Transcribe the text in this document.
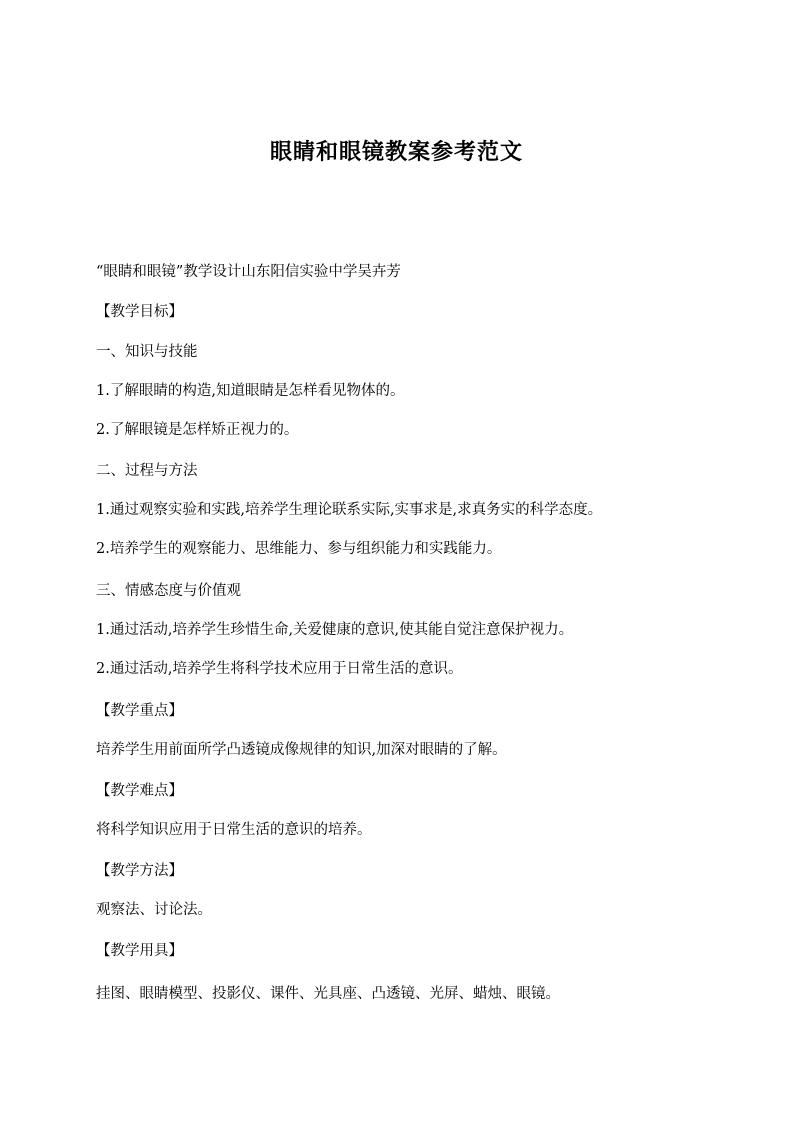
眼睛和眼镜教案参考范文
“眼睛和眼镜”教学设计山东阳信实验中学吴卉芳
【教学目标】
一、知识与技能
1.了解眼睛的构造,知道眼睛是怎样看见物体的。
2.了解眼镜是怎样矫正视力的。
二、过程与方法
1.通过观察实验和实践,培养学生理论联系实际,实事求是,求真务实的科学态度。
2.培养学生的观察能力、思维能力、参与组织能力和实践能力。
三、情感态度与价值观
1.通过活动,培养学生珍惜生命,关爱健康的意识,使其能自觉注意保护视力。
2.通过活动,培养学生将科学技术应用于日常生活的意识。
【教学重点】
培养学生用前面所学凸透镜成像规律的知识,加深对眼睛的了解。
【教学难点】
将科学知识应用于日常生活的意识的培养。
【教学方法】
观察法、讨论法。
【教学用具】
挂图、眼睛模型、投影仪、课件、光具座、凸透镜、光屏、蜡烛、眼镜。
